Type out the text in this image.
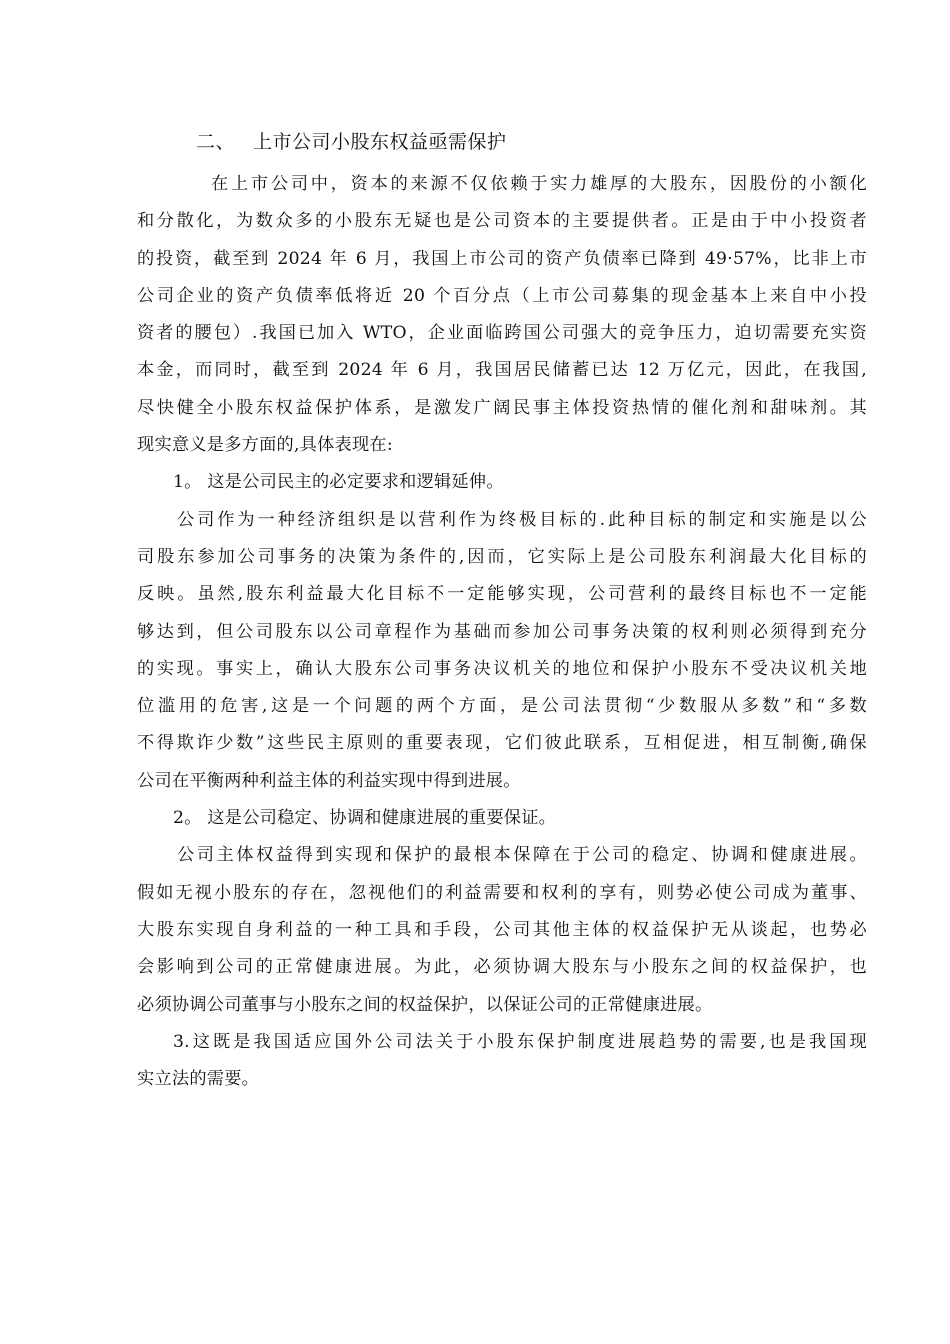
二、 上市公司小股东权益亟需保护
在上市公司中，资本的来源不仅依赖于实力雄厚的大股东，因股份的小额化
和分散化，为数众多的小股东无疑也是公司资本的主要提供者。正是由于中小投资者
的投资，截至到 2024 年 6 月，我国上市公司的资产负债率已降到 49·57%，比非上市
公司企业的资产负债率低将近 20 个百分点（上市公司募集的现金基本上来自中小投
资者的腰包）.我国已加入 WTO，企业面临跨国公司强大的竞争压力，迫切需要充实资
本金，而同时，截至到 2024 年 6 月，我国居民储蓄已达 12 万亿元，因此，在我国,
尽快健全小股东权益保护体系，是激发广阔民事主体投资热情的催化剂和甜味剂。其
现实意义是多方面的,具体表现在:
1。 这是公司民主的必定要求和逻辑延伸。
公司作为一种经济组织是以营利作为终极目标的.此种目标的制定和实施是以公
司股东参加公司事务的决策为条件的,因而，它实际上是公司股东利润最大化目标的
反映。虽然,股东利益最大化目标不一定能够实现，公司营利的最终目标也不一定能
够达到，但公司股东以公司章程作为基础而参加公司事务决策的权利则必须得到充分
的实现。事实上，确认大股东公司事务决议机关的地位和保护小股东不受决议机关地
位滥用的危害,这是一个问题的两个方面，是公司法贯彻“少数服从多数”和“多数
不得欺诈少数”这些民主原则的重要表现，它们彼此联系，互相促进，相互制衡,确保
公司在平衡两种利益主体的利益实现中得到进展。
2。 这是公司稳定、协调和健康进展的重要保证。
公司主体权益得到实现和保护的最根本保障在于公司的稳定、协调和健康进展。
假如无视小股东的存在，忽视他们的利益需要和权利的享有，则势必使公司成为董事、
大股东实现自身利益的一种工具和手段，公司其他主体的权益保护无从谈起，也势必
会影响到公司的正常健康进展。为此，必须协调大股东与小股东之间的权益保护，也
必须协调公司董事与小股东之间的权益保护，以保证公司的正常健康进展。
3.这既是我国适应国外公司法关于小股东保护制度进展趋势的需要,也是我国现
实立法的需要。
